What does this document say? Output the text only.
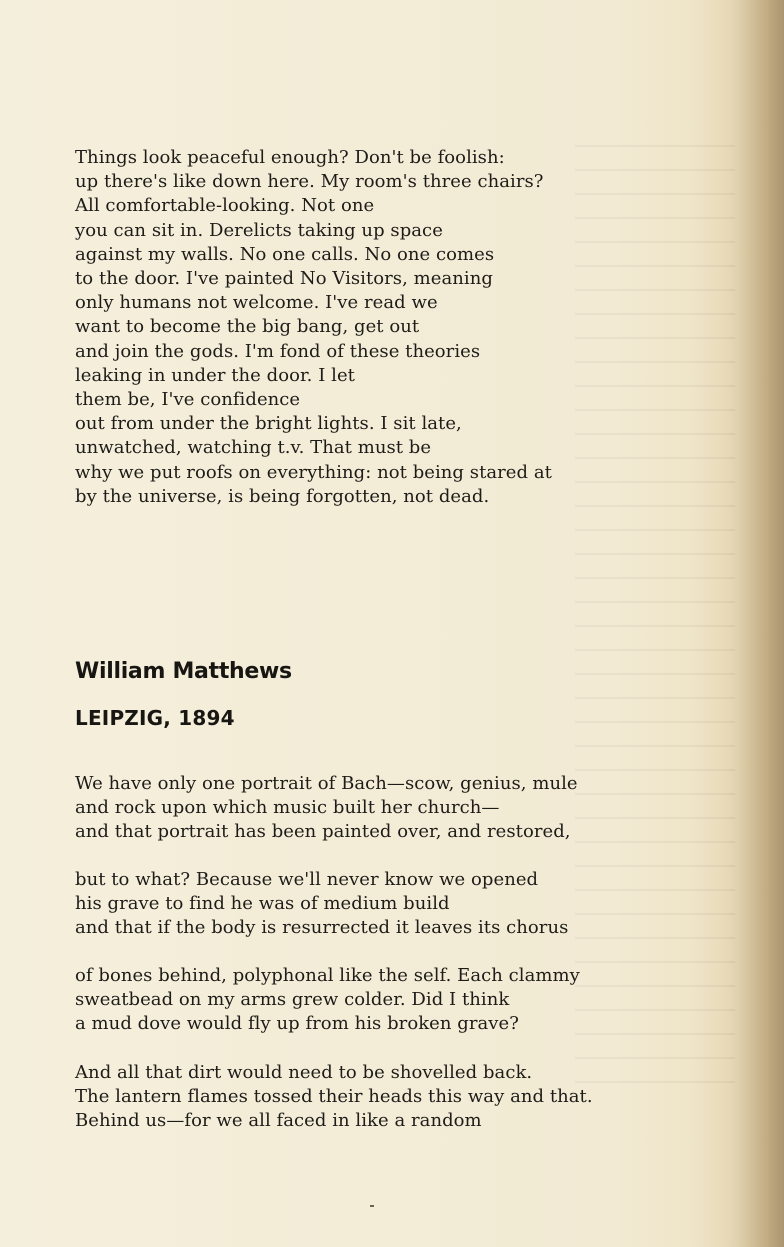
Things look peaceful enough? Don't be foolish:
up there's like down here. My room's three chairs?
All comfortable-looking. Not one
you can sit in. Derelicts taking up space
against my walls. No one calls. No one comes
to the door. I've painted No Visitors, meaning
only humans not welcome. I've read we
want to become the big bang, get out
and join the gods. I'm fond of these theories
leaking in under the door. I let
them be, I've confidence
out from under the bright lights. I sit late,
unwatched, watching t.v. That must be
why we put roofs on everything: not being stared at
by the universe, is being forgotten, not dead.
William Matthews
LEIPZIG, 1894
We have only one portrait of Bach—scow, genius, mule
and rock upon which music built her church—
and that portrait has been painted over, and restored,
but to what? Because we'll never know we opened
his grave to find he was of medium build
and that if the body is resurrected it leaves its chorus
of bones behind, polyphonal like the self. Each clammy
sweatbead on my arms grew colder. Did I think
a mud dove would fly up from his broken grave?
And all that dirt would need to be shovelled back.
The lantern flames tossed their heads this way and that.
Behind us—for we all faced in like a random
